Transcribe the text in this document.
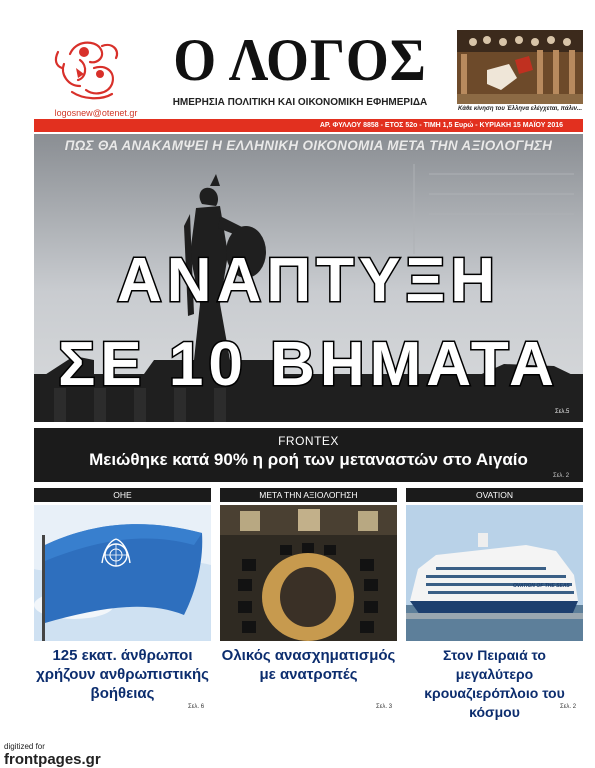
logosnew@otenet.gr
Ο ΛΟΓΟΣ
ΗΜΕΡΗΣΙΑ ΠΟΛΙΤΙΚΗ ΚΑΙ ΟΙΚΟΝΟΜΙΚΗ ΕΦΗΜΕΡΙΔΑ
Κάθε κίνηση του Έλληνα ελέγχεται, πάλιν...
ΑΡ. ΦΥΛΛΟΥ 8858 - ΕΤΟΣ 52ο - ΤΙΜΗ 1,5 Ευρώ - ΚΥΡΙΑΚΗ 15 ΜΑΪΟΥ 2016
ΠΩΣ ΘΑ ΑΝΑΚΑΜΨΕΙ Η ΕΛΛΗΝΙΚΗ ΟΙΚΟΝΟΜΙΑ ΜΕΤΑ ΤΗΝ ΑΞΙΟΛΟΓΗΣΗ
ΑΝΑΠΤΥΞΗ
ΣΕ 10 ΒΗΜΑΤΑ
Σελ.5
FRONTEX
Μειώθηκε κατά 90% η ροή των μεταναστών στο Αιγαίο
Σελ. 2
ΟΗΕ
125 εκατ. άνθρωποι χρήζουν ανθρωπιστικής βοήθειας
Σελ. 6
ΜΕΤΑ ΤΗΝ ΑΞΙΟΛΟΓΗΣΗ
Ολικός ανασχηματισμός με ανατροπές
Σελ. 3
OVATION
OVATION OF THE SEAS
Στον Πειραιά το μεγαλύτερο κρουαζιερόπλοιο του κόσμου	Σελ. 2
digitized for
frontpages.gr
